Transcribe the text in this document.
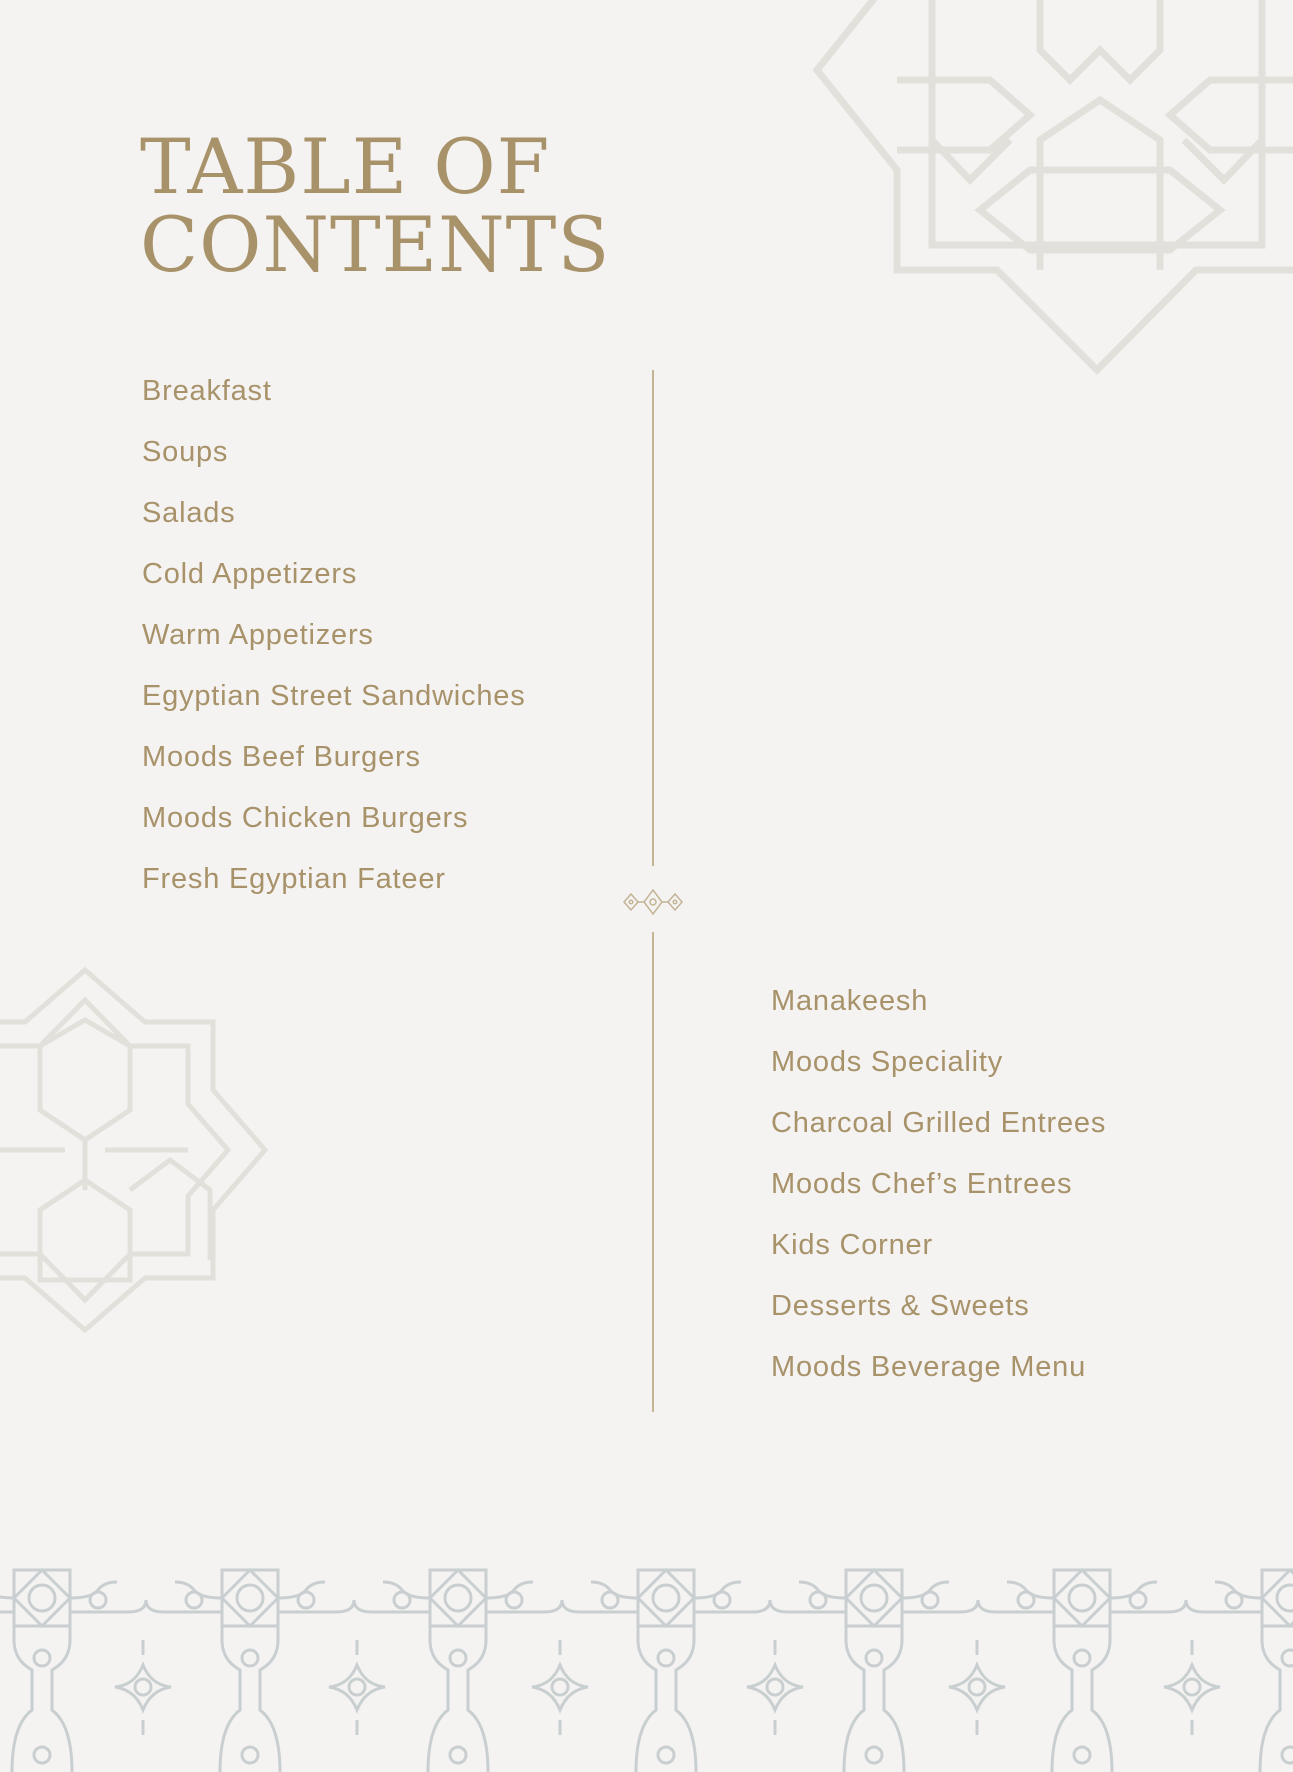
TABLE OF
CONTENTS
Breakfast
Soups
Salads
Cold Appetizers
Warm Appetizers
Egyptian Street Sandwiches
Moods Beef Burgers
Moods Chicken Burgers
Fresh Egyptian Fateer
Manakeesh
Moods Speciality
Charcoal Grilled Entrees
Moods Chef’s Entrees
Kids Corner
Desserts & Sweets
Moods Beverage Menu
